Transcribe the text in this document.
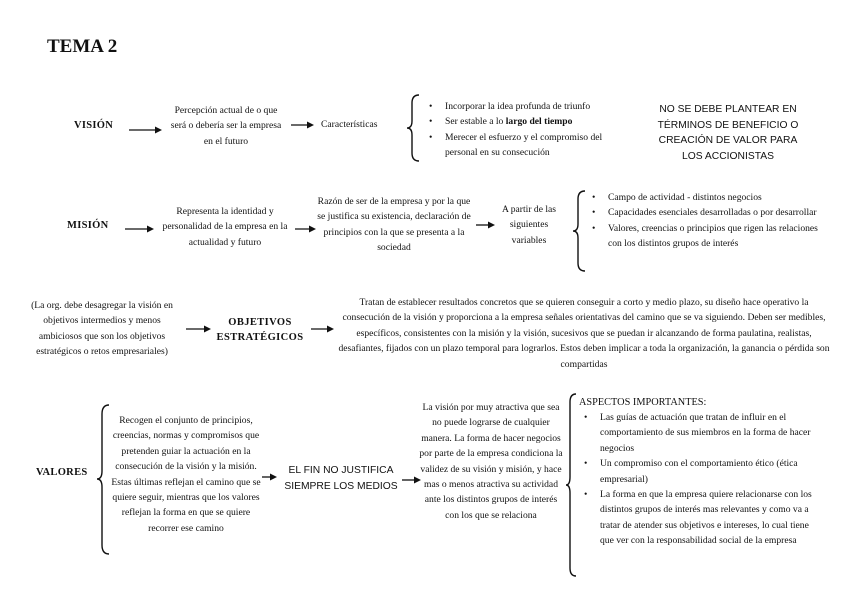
TEMA 2
VISIÓN
Percepción actual de o que será o debería ser la empresa en el futuro
Características
• Incorporar la idea profunda de triunfo
• Ser estable a lo largo del tiempo
• Merecer el esfuerzo y el compromiso del personal en su consecución
NO SE DEBE PLANTEAR EN TÉRMINOS DE BENEFICIO O CREACIÓN DE VALOR PARA LOS ACCIONISTAS
MISIÓN
Representa la identidad y personalidad de la empresa en la actualidad y futuro
Razón de ser de la empresa y por la que se justifica su existencia, declaración de principios con la que se presenta a la sociedad
A partir de las siguientes variables
• Campo de actividad - distintos negocios
• Capacidades esenciales desarrolladas o por desarrollar
• Valores, creencias o principios que rigen las relaciones con los distintos grupos de interés
(La org. debe desagregar la visión en objetivos intermedios y menos ambiciosos que son los objetivos estratégicos o retos empresariales)
OBJETIVOS ESTRATÉGICOS
Tratan de establecer resultados concretos que se quieren conseguir a corto y medio plazo, su diseño hace operativo la consecución de la visión y proporciona a la empresa señales orientativas del camino que se va siguiendo. Deben ser medibles, específicos, consistentes con la misión y la visión, sucesivos que se puedan ir alcanzando de forma paulatina, realistas, desafiantes, fijados con un plazo temporal para lograrlos. Estos deben implicar a toda la organización, la ganancia o pérdida son compartidas
VALORES
Recogen el conjunto de principios, creencias, normas y compromisos que pretenden guiar la actuación en la consecución de la visión y la misión. Estas últimas reflejan el camino que se quiere seguir, mientras que los valores reflejan la forma en que se quiere recorrer ese camino
EL FIN NO JUSTIFICA SIEMPRE LOS MEDIOS
La visión por muy atractiva que sea no puede lograrse de cualquier manera. La forma de hacer negocios por parte de la empresa condiciona la validez de su visión y misión, y hace mas o menos atractiva su actividad ante los distintos grupos de interés con los que se relaciona
ASPECTOS IMPORTANTES:
• Las guías de actuación que tratan de influir en el comportamiento de sus miembros en la forma de hacer negocios
• Un compromiso con el comportamiento ético (ética empresarial)
• La forma en que la empresa quiere relacionarse con los distintos grupos de interés mas relevantes y como va a tratar de atender sus objetivos e intereses, lo cual tiene que ver con la responsabilidad social de la empresa
